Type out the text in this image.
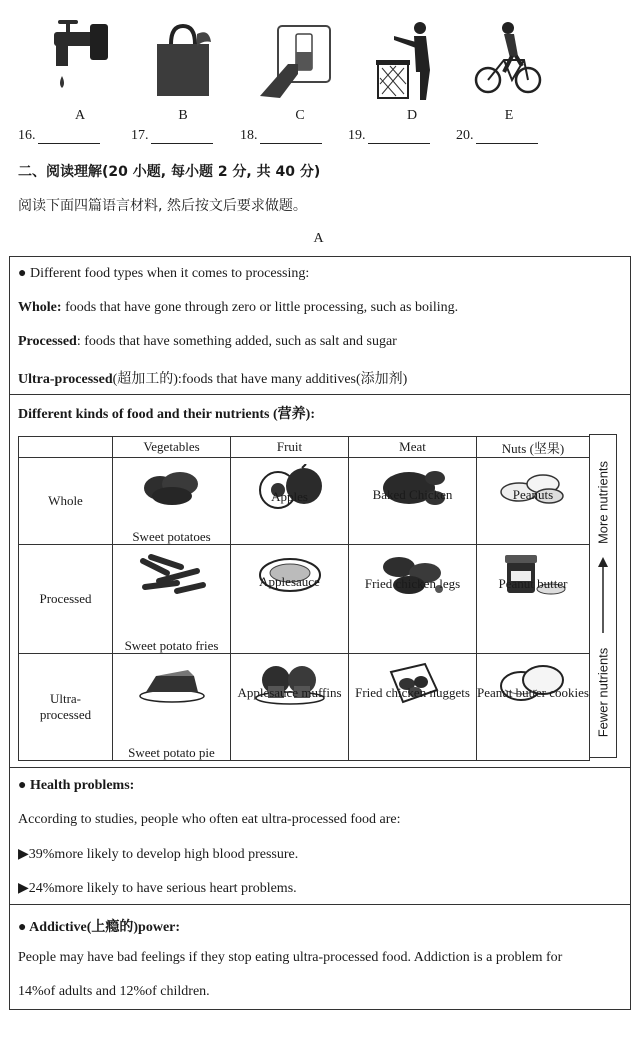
A	B	C	D	E
16.	17.	18.	19.	20.
二、阅读理解(20 小题, 每小题 2 分, 共 40 分)
阅读下面四篇语言材料, 然后按文后要求做题。
A

● Different food types when it comes to processing:

Whole: foods that have gone through zero or little processing, such as boiling.

Processed: foods that have something added, such as salt and sugar

Ultra-processed(超加工的):foods that have many additives(添加剂)

Different kinds of food and their nutrients (营养):

	Vegetables	Fruit	Meat	Nuts (坚果)
Whole	Sweet potatoes	Apples	Baked Chicken	Peanuts

Processed	Sweet potato fries	Applesauce	Fried chicken legs	Peanut butter

Ultra-processed	Sweet potato pie	Applesauce muffins	Fried chicken nuggets	Peanut butter cookies
More nutrients
Fewer nutrients

● Health problems:

According to studies, people who often eat ultra-processed food are:

▶39%more likely to develop high blood pressure.

▶24%more likely to have serious heart problems.

● Addictive(上瘾的)power:

People may have bad feelings if they stop eating ultra-processed food. Addiction is a problem for

14%of adults and 12%of children.
